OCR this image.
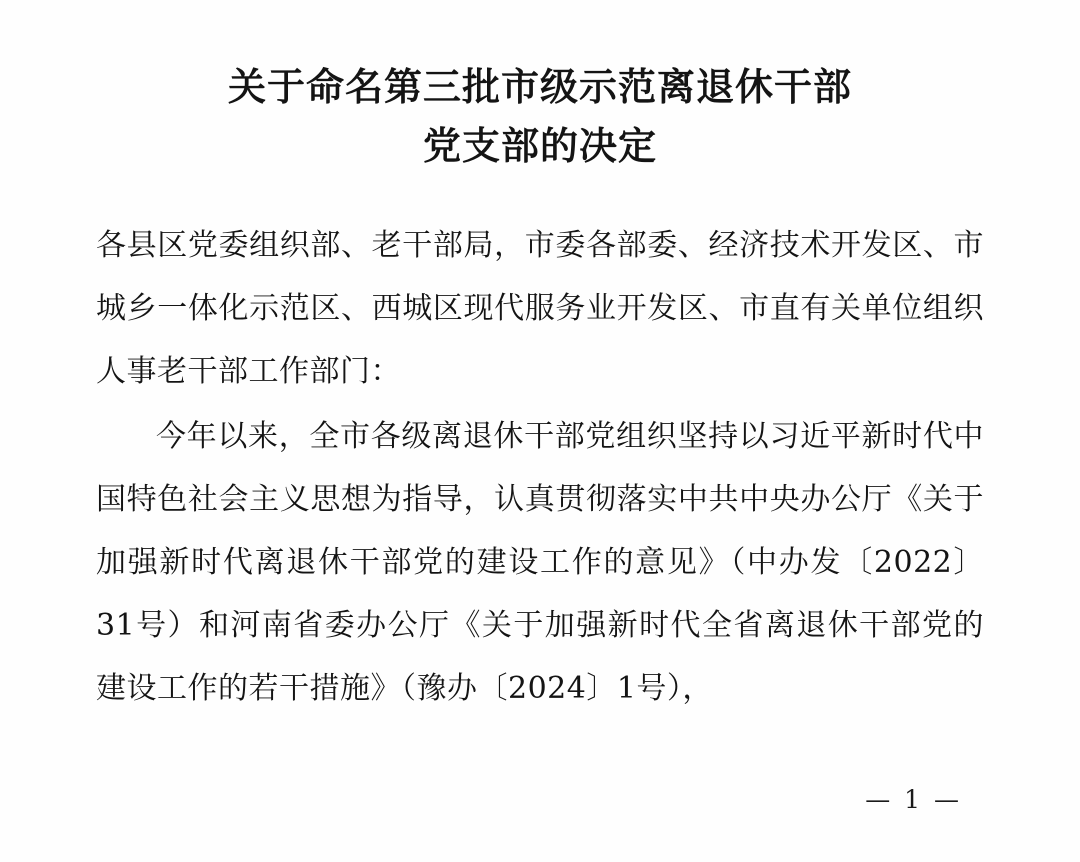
关于命名第三批市级示范离退休干部
党支部的决定

各县区党委组织部、老干部局，市委各部委、经济技术开发区、市城乡一体化示范区、西城区现代服务业开发区、市直有关单位组织人事老干部工作部门：

今年以来，全市各级离退休干部党组织坚持以习近平新时代中国特色社会主义思想为指导，认真贯彻落实中共中央办公厅《关于加强新时代离退休干部党的建设工作的意见》（中办发〔2022〕31号）和河南省委办公厅《关于加强新时代全省离退休干部党的建设工作的若干措施》（豫办〔2024〕1号），

— 1 —
